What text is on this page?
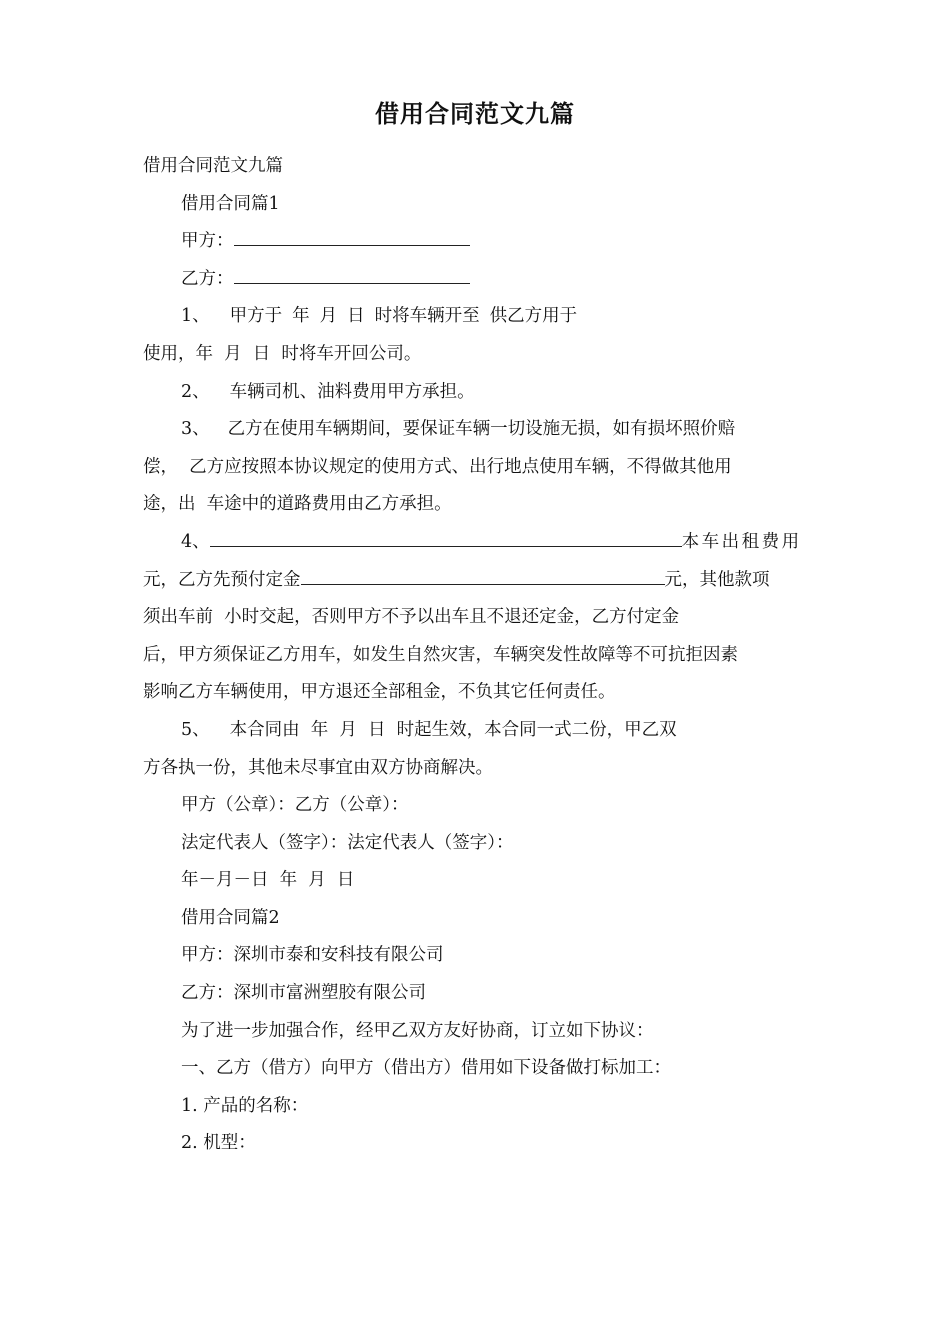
借用合同范文九篇
借用合同范文九篇
借用合同篇1
甲方：
乙方：
1、 甲方于 年 月 日 时将车辆开至 供乙方用于
使用，年  月  日  时将车开回公司。
2、 车辆司机、油料费用甲方承担。
3、 乙方在使用车辆期间，要保证车辆一切设施无损，如有损坏照价赔
偿，  乙方应按照本协议规定的使用方式、出行地点使用车辆，不得做其他用
途，出  车途中的道路费用由乙方承担。
4、	本车出租费用
元，乙方先预付定金	元，其他款项
须出车前  小时交起，否则甲方不予以出车且不退还定金，乙方付定金
后，甲方须保证乙方用车，如发生自然灾害，车辆突发性故障等不可抗拒因素
影响乙方车辆使用，甲方退还全部租金，不负其它任何责任。
5、 本合同由  年  月  日  时起生效，本合同一式二份，甲乙双
方各执一份，其他未尽事宜由双方协商解决。
甲方（公章）：乙方（公章）：
法定代表人（签字）：法定代表人（签字）：
年－月－日  年  月  日
借用合同篇2
甲方：深圳市泰和安科技有限公司
乙方：深圳市富洲塑胶有限公司
为了进一步加强合作，经甲乙双方友好协商，订立如下协议：
一、乙方（借方）向甲方（借出方）借用如下设备做打标加工：
1. 产品的名称：
2. 机型：
